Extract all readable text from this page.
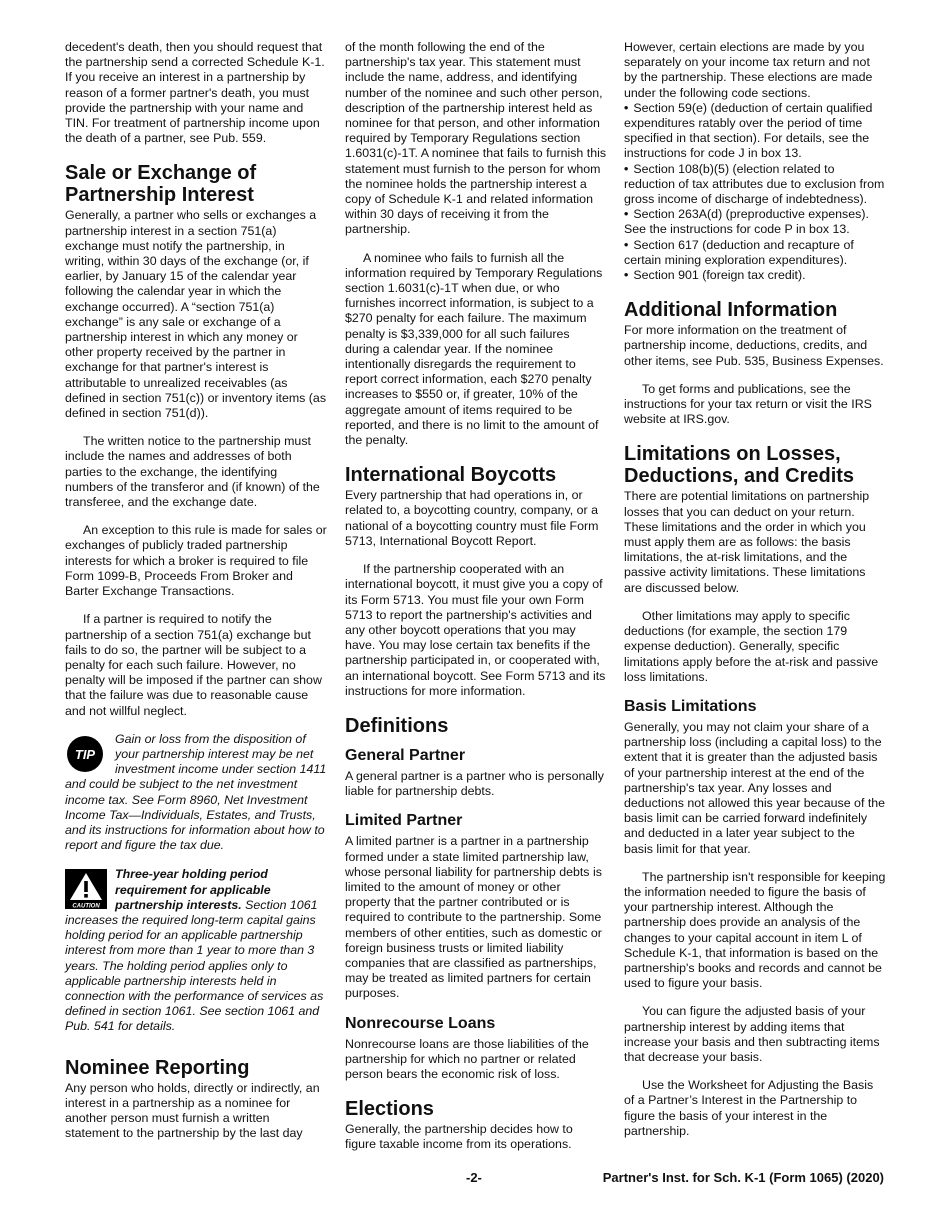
decedent's death, then you should request that the partnership send a corrected Schedule K-1. If you receive an interest in a partnership by reason of a former partner's death, you must provide the partnership with your name and TIN. For treatment of partnership income upon the death of a partner, see Pub. 559.

Sale or Exchange of Partnership Interest

Generally, a partner who sells or exchanges a partnership interest in a section 751(a) exchange must notify the partnership, in writing, within 30 days of the exchange (or, if earlier, by January 15 of the calendar year following the calendar year in which the exchange occurred). A “section 751(a) exchange” is any sale or exchange of a partnership interest in which any money or other property received by the partner in exchange for that partner's interest is attributable to unrealized receivables (as defined in section 751(c)) or inventory items (as defined in section 751(d)).

The written notice to the partnership must include the names and addresses of both parties to the exchange, the identifying numbers of the transferor and (if known) of the transferee, and the exchange date.

An exception to this rule is made for sales or exchanges of publicly traded partnership interests for which a broker is required to file Form 1099-B, Proceeds From Broker and Barter Exchange Transactions.

If a partner is required to notify the partnership of a section 751(a) exchange but fails to do so, the partner will be subject to a penalty for each such failure. However, no penalty will be imposed if the partner can show that the failure was due to reasonable cause and not willful neglect.

TIP
Gain or loss from the disposition of your partnership interest may be net investment income under section 1411 and could be subject to the net investment income tax. See Form 8960, Net Investment Income Tax—Individuals, Estates, and Trusts, and its instructions for information about how to report and figure the tax due.
CAUTION
Three-year holding period requirement for applicable partnership interests. Section 1061 increases the required long-term capital gains holding period for an applicable partnership interest from more than 1 year to more than 3 years. The holding period applies only to applicable partnership interests held in connection with the performance of services as defined in section 1061. See section 1061 and Pub. 541 for details.
Nominee Reporting

Any person who holds, directly or indirectly, an interest in a partnership as a nominee for another person must furnish a written statement to the partnership by the last day

of the month following the end of the partnership's tax year. This statement must include the name, address, and identifying number of the nominee and such other person, description of the partnership interest held as nominee for that person, and other information required by Temporary Regulations section 1.6031(c)-1T. A nominee that fails to furnish this statement must furnish to the person for whom the nominee holds the partnership interest a copy of Schedule K-1 and related information within 30 days of receiving it from the partnership.

A nominee who fails to furnish all the information required by Temporary Regulations section 1.6031(c)-1T when due, or who furnishes incorrect information, is subject to a $270 penalty for each failure. The maximum penalty is $3,339,000 for all such failures during a calendar year. If the nominee intentionally disregards the requirement to report correct information, each $270 penalty increases to $550 or, if greater, 10% of the aggregate amount of items required to be reported, and there is no limit to the amount of the penalty.

International Boycotts

Every partnership that had operations in, or related to, a boycotting country, company, or a national of a boycotting country must file Form 5713, International Boycott Report.

If the partnership cooperated with an international boycott, it must give you a copy of its Form 5713. You must file your own Form 5713 to report the partnership's activities and any other boycott operations that you may have. You may lose certain tax benefits if the partnership participated in, or cooperated with, an international boycott. See Form 5713 and its instructions for more information.

Definitions
General Partner

A general partner is a partner who is personally liable for partnership debts.

Limited Partner

A limited partner is a partner in a partnership formed under a state limited partnership law, whose personal liability for partnership debts is limited to the amount of money or other property that the partner contributed or is required to contribute to the partnership. Some members of other entities, such as domestic or foreign business trusts or limited liability companies that are classified as partnerships, may be treated as limited partners for certain purposes.

Nonrecourse Loans

Nonrecourse loans are those liabilities of the partnership for which no partner or related person bears the economic risk of loss.

Elections

Generally, the partnership decides how to figure taxable income from its operations.

However, certain elections are made by you separately on your income tax return and not by the partnership. These elections are made under the following code sections.

• Section 59(e) (deduction of certain qualified expenditures ratably over the period of time specified in that section). For details, see the instructions for code J in box 13.
• Section 108(b)(5) (election related to reduction of tax attributes due to exclusion from gross income of discharge of indebtedness).
• Section 263A(d) (preproductive expenses). See the instructions for code P in box 13.
• Section 617 (deduction and recapture of certain mining exploration expenditures).
• Section 901 (foreign tax credit).
Additional Information

For more information on the treatment of partnership income, deductions, credits, and other items, see Pub. 535, Business Expenses.

To get forms and publications, see the instructions for your tax return or visit the IRS website at IRS.gov.

Limitations on Losses, Deductions, and Credits

There are potential limitations on partnership losses that you can deduct on your return. These limitations and the order in which you must apply them are as follows: the basis limitations, the at-risk limitations, and the passive activity limitations. These limitations are discussed below.

Other limitations may apply to specific deductions (for example, the section 179 expense deduction). Generally, specific limitations apply before the at-risk and passive loss limitations.

Basis Limitations

Generally, you may not claim your share of a partnership loss (including a capital loss) to the extent that it is greater than the adjusted basis of your partnership interest at the end of the partnership's tax year. Any losses and deductions not allowed this year because of the basis limit can be carried forward indefinitely and deducted in a later year subject to the basis limit for that year.

The partnership isn't responsible for keeping the information needed to figure the basis of your partnership interest. Although the partnership does provide an analysis of the changes to your capital account in item L of Schedule K-1, that information is based on the partnership's books and records and cannot be used to figure your basis.

You can figure the adjusted basis of your partnership interest by adding items that increase your basis and then subtracting items that decrease your basis.

Use the Worksheet for Adjusting the Basis of a Partner’s Interest in the Partnership to figure the basis of your interest in the partnership.

-2-	Partner's Inst. for Sch. K-1 (Form 1065) (2020)
